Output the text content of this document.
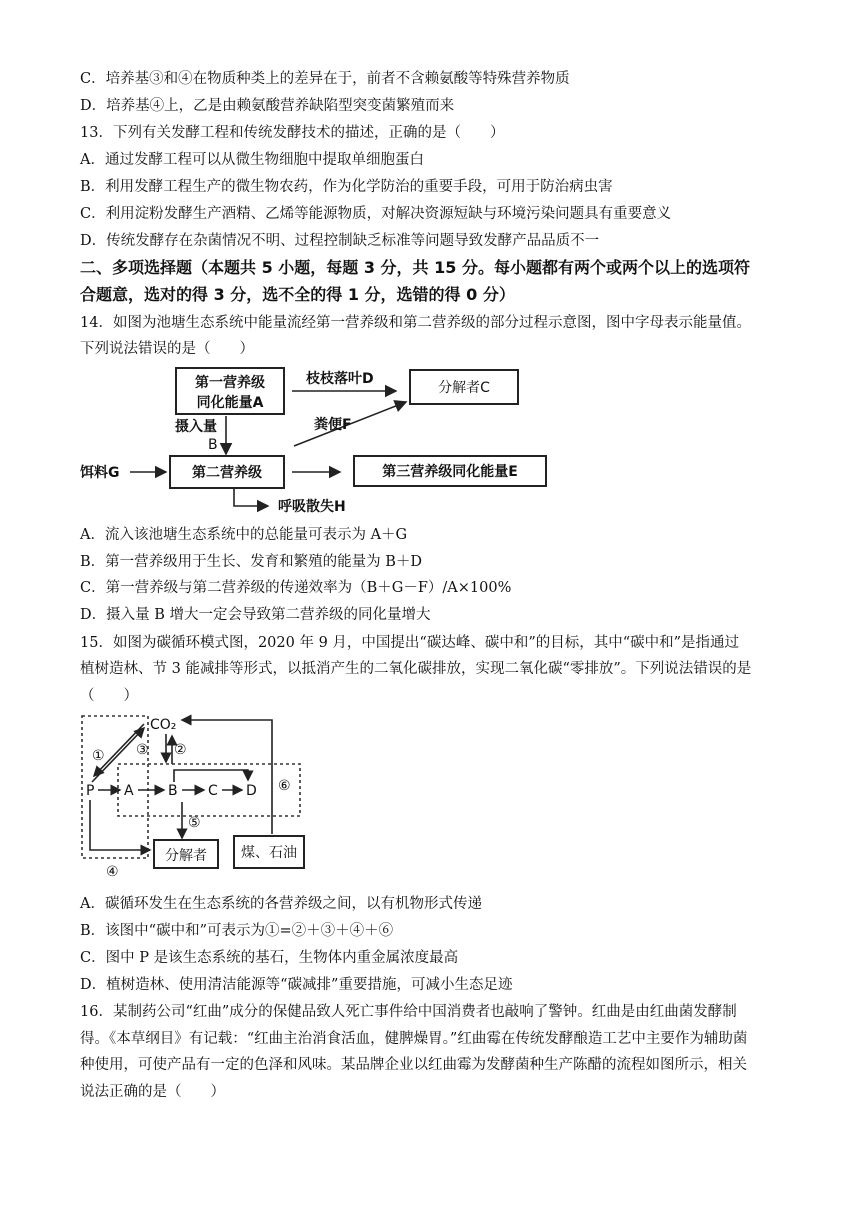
C．培养基③和④在物质种类上的差异在于，前者不含赖氨酸等特殊营养物质
D．培养基④上，乙是由赖氨酸营养缺陷型突变菌繁殖而来
13．下列有关发酵工程和传统发酵技术的描述，正确的是（　　）
A．通过发酵工程可以从微生物细胞中提取单细胞蛋白
B．利用发酵工程生产的微生物农药，作为化学防治的重要手段，可用于防治病虫害
C．利用淀粉发酵生产酒精、乙烯等能源物质，对解决资源短缺与环境污染问题具有重要意义
D．传统发酵存在杂菌情况不明、过程控制缺乏标准等问题导致发酵产品品质不一
二、多项选择题（本题共 5 小题，每题 3 分，共 15 分。每小题都有两个或两个以上的选项符
合题意，选对的得 3 分，选不全的得 1 分，选错的得 0 分）
14．如图为池塘生态系统中能量流经第一营养级和第二营养级的部分过程示意图，图中字母表示能量值。
下列说法错误的是（　　）
第一营养级
同化能量A
枝枝落叶D
分解者C
粪便F
摄入量
B
饵料G	第二营养级	第三营养级同化能量E
呼吸散失H
A．流入该池塘生态系统中的总能量可表示为 A＋G
B．第一营养级用于生长、发育和繁殖的能量为 B＋D
C．第一营养级与第二营养级的传递效率为（B＋G－F）/A×100%
D．摄入量 B 增大一定会导致第二营养级的同化量增大
15．如图为碳循环模式图，2020 年 9 月，中国提出“碳达峰、碳中和”的目标，其中“碳中和”是指通过
植树造林、节 3 能减排等形式，以抵消产生的二氧化碳排放，实现二氧化碳“零排放”。下列说法错误的是
（　　）
CO₂
① ③ ②
P A B C D
⑤
④
分解者 煤、石油
⑥
A．碳循环发生在生态系统的各营养级之间，以有机物形式传递
B．该图中“碳中和”可表示为①=②＋③＋④＋⑥
C．图中 P 是该生态系统的基石，生物体内重金属浓度最高
D．植树造林、使用清洁能源等“碳减排”重要措施，可减小生态足迹
16．某制药公司“红曲”成分的保健品致人死亡事件给中国消费者也敲响了警钟。红曲是由红曲菌发酵制
得。《本草纲目》有记载：“红曲主治消食活血，健脾燥胃。”红曲霉在传统发酵酿造工艺中主要作为辅助菌
种使用，可使产品有一定的色泽和风味。某品牌企业以红曲霉为发酵菌种生产陈醋的流程如图所示，相关
说法正确的是（　　）
